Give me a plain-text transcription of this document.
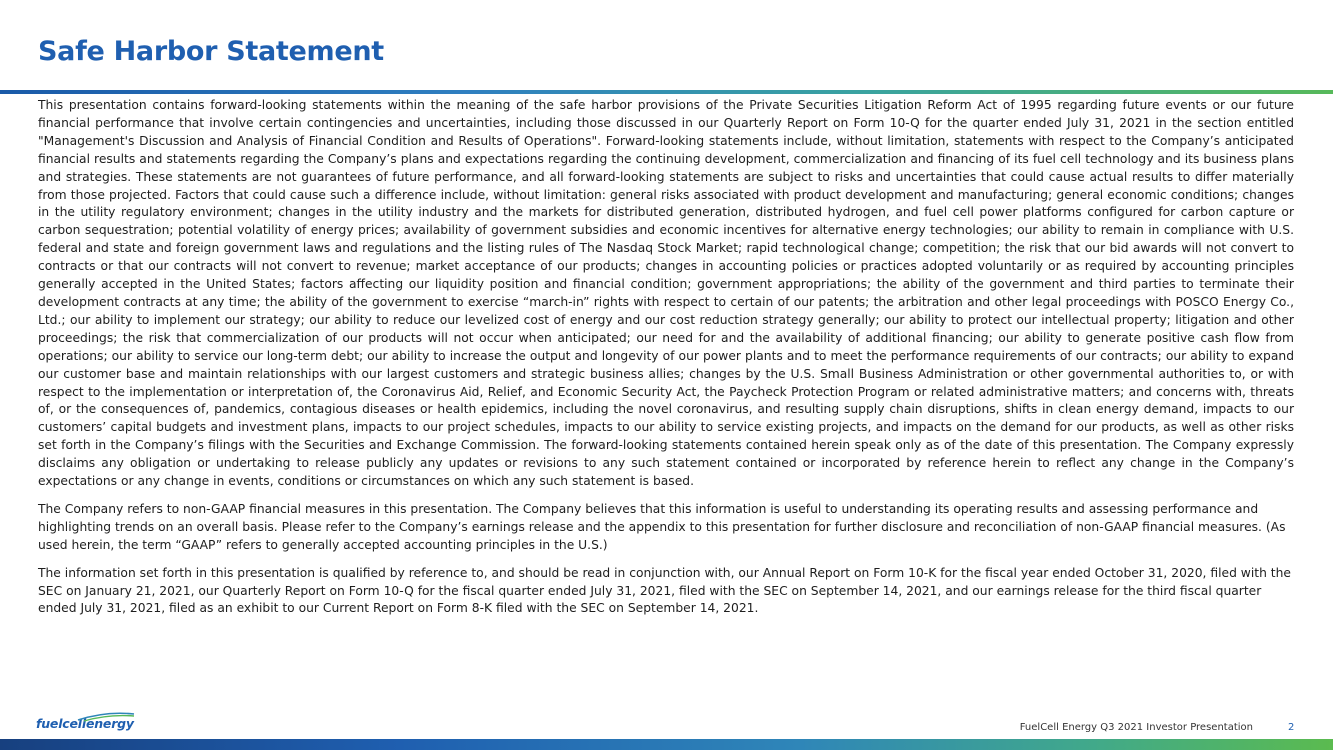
Safe Harbor Statement

This presentation contains forward-looking statements within the meaning of the safe harbor provisions of the Private Securities Litigation Reform Act of 1995 regarding future events or our future financial performance that involve certain contingencies and uncertainties, including those discussed in our Quarterly Report on Form 10-Q for the quarter ended July 31, 2021 in the section entitled "Management's Discussion and Analysis of Financial Condition and Results of Operations". Forward-looking statements include, without limitation, statements with respect to the Company’s anticipated financial results and statements regarding the Company’s plans and expectations regarding the continuing development, commercialization and financing of its fuel cell technology and its business plans and strategies. These statements are not guarantees of future performance, and all forward-looking statements are subject to risks and uncertainties that could cause actual results to differ materially from those projected. Factors that could cause such a difference include, without limitation: general risks associated with product development and manufacturing; general economic conditions; changes in the utility regulatory environment; changes in the utility industry and the markets for distributed generation, distributed hydrogen, and fuel cell power platforms configured for carbon capture or carbon sequestration; potential volatility of energy prices; availability of government subsidies and economic incentives for alternative energy technologies; our ability to remain in compliance with U.S. federal and state and foreign government laws and regulations and the listing rules of The Nasdaq Stock Market; rapid technological change; competition; the risk that our bid awards will not convert to contracts or that our contracts will not convert to revenue; market acceptance of our products; changes in accounting policies or practices adopted voluntarily or as required by accounting principles generally accepted in the United States; factors affecting our liquidity position and financial condition; government appropriations; the ability of the government and third parties to terminate their development contracts at any time; the ability of the government to exercise “march-in” rights with respect to certain of our patents; the arbitration and other legal proceedings with POSCO Energy Co., Ltd.; our ability to implement our strategy; our ability to reduce our levelized cost of energy and our cost reduction strategy generally; our ability to protect our intellectual property; litigation and other proceedings; the risk that commercialization of our products will not occur when anticipated; our need for and the availability of additional financing; our ability to generate positive cash flow from operations; our ability to service our long-term debt; our ability to increase the output and longevity of our power plants and to meet the performance requirements of our contracts; our ability to expand our customer base and maintain relationships with our largest customers and strategic business allies; changes by the U.S. Small Business Administration or other governmental authorities to, or with respect to the implementation or interpretation of, the Coronavirus Aid, Relief, and Economic Security Act, the Paycheck Protection Program or related administrative matters; and concerns with, threats of, or the consequences of, pandemics, contagious diseases or health epidemics, including the novel coronavirus, and resulting supply chain disruptions, shifts in clean energy demand, impacts to our customers’ capital budgets and investment plans, impacts to our project schedules, impacts to our ability to service existing projects, and impacts on the demand for our products, as well as other risks set forth in the Company’s filings with the Securities and Exchange Commission. The forward-looking statements contained herein speak only as of the date of this presentation. The Company expressly disclaims any obligation or undertaking to release publicly any updates or revisions to any such statement contained or incorporated by reference herein to reflect any change in the Company’s expectations or any change in events, conditions or circumstances on which any such statement is based.

The Company refers to non-GAAP financial measures in this presentation. The Company believes that this information is useful to understanding its operating results and assessing performance and highlighting trends on an overall basis. Please refer to the Company’s earnings release and the appendix to this presentation for further disclosure and reconciliation of non-GAAP financial measures. (As used herein, the term “GAAP” refers to generally accepted accounting principles in the U.S.)

The information set forth in this presentation is qualified by reference to, and should be read in conjunction with, our Annual Report on Form 10-K for the fiscal year ended October 31, 2020, filed with the SEC on January 21, 2021, our Quarterly Report on Form 10-Q for the fiscal quarter ended July 31, 2021, filed with the SEC on September 14, 2021, and our earnings release for the third fiscal quarter ended July 31, 2021, filed as an exhibit to our Current Report on Form 8-K filed with the SEC on September 14, 2021.

fuelcellenergy	FuelCell Energy Q3 2021 Investor Presentation	2
